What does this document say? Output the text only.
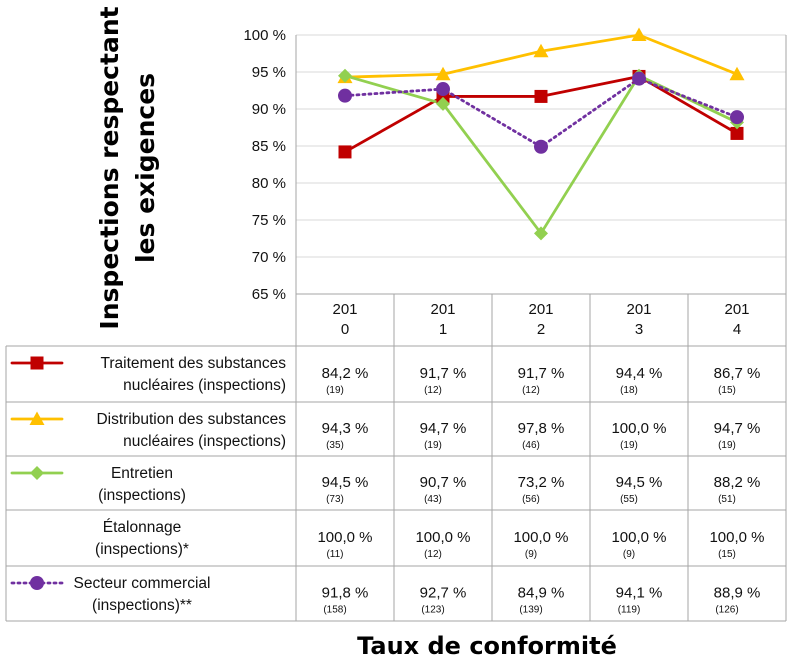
65 %
70 %
75 %
80 %
85 %
90 %
95 %
100 %
201
0
201
1
201
2
201
3
201
4
Traitement des substances
nucléaires (inspections)
84,2 %
(19)
91,7 %
(12)
91,7 %
(12)
94,4 %
(18)
86,7 %
(15)
Distribution des substances
nucléaires (inspections)
94,3 %
(35)
94,7 %
(19)
97,8 %
(46)
100,0 %
(19)
94,7 %
(19)
Entretien
(inspections)
94,5 %
(73)
90,7 %
(43)
73,2 %
(56)
94,5 %
(55)
88,2 %
(51)
Étalonnage
(inspections)*
100,0 %
(11)
100,0 %
(12)
100,0 %
(9)
100,0 %
(9)
100,0 %
(15)
Secteur commercial
(inspections)**
91,8 %
(158)
92,7 %
(123)
84,9 %
(139)
94,1 %
(119)
88,9 %
(126)
Inspections respectant les exigences
Taux de conformité
